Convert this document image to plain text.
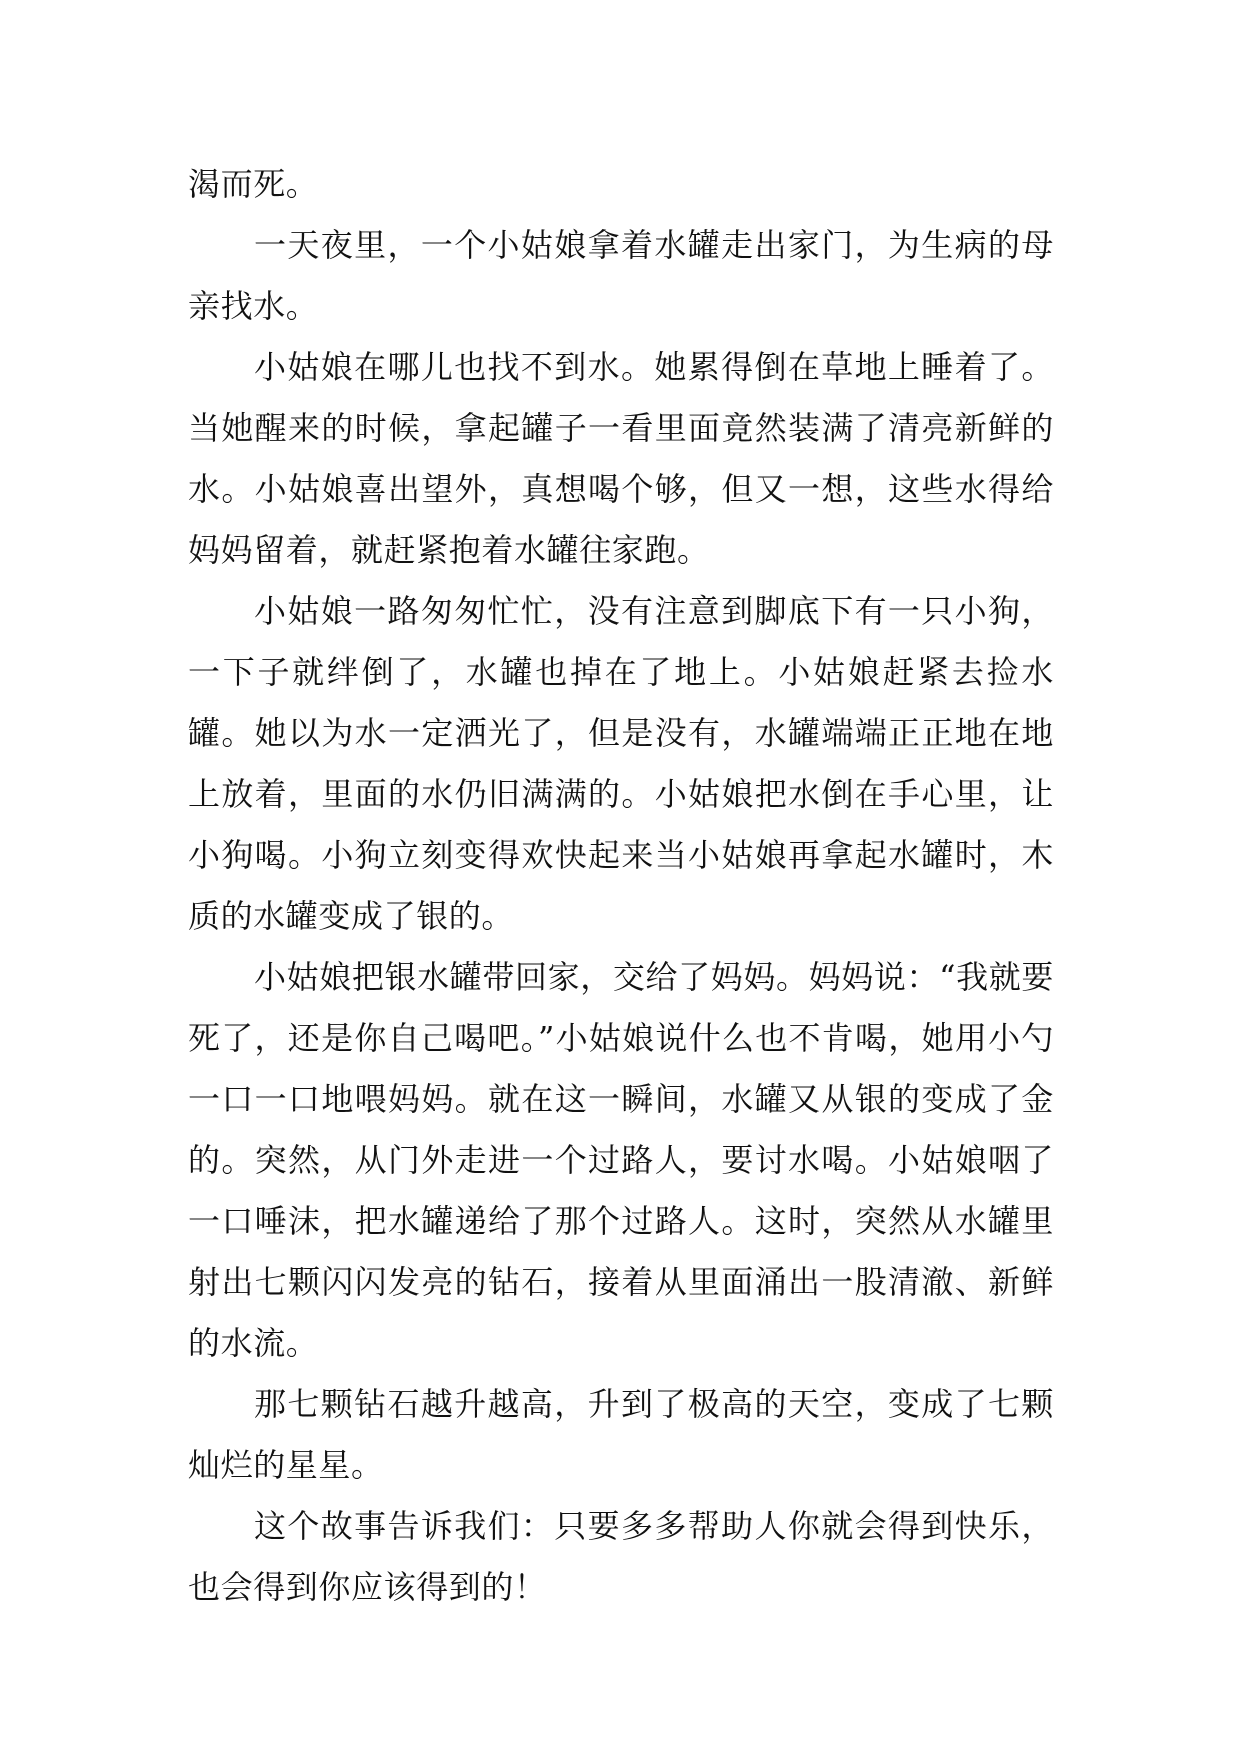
渴而死。

一天夜里，一个小姑娘拿着水罐走出家门，为生病的母亲找水。

小姑娘在哪儿也找不到水。她累得倒在草地上睡着了。当她醒来的时候，拿起罐子一看里面竟然装满了清亮新鲜的水。小姑娘喜出望外，真想喝个够，但又一想，这些水得给妈妈留着，就赶紧抱着水罐往家跑。

小姑娘一路匆匆忙忙，没有注意到脚底下有一只小狗，一下子就绊倒了，水罐也掉在了地上。小姑娘赶紧去捡水罐。她以为水一定洒光了，但是没有，水罐端端正正地在地上放着，里面的水仍旧满满的。小姑娘把水倒在手心里，让小狗喝。小狗立刻变得欢快起来当小姑娘再拿起水罐时，木质的水罐变成了银的。

小姑娘把银水罐带回家，交给了妈妈。妈妈说：“我就要死了，还是你自己喝吧。”小姑娘说什么也不肯喝，她用小勺一口一口地喂妈妈。就在这一瞬间，水罐又从银的变成了金的。突然，从门外走进一个过路人，要讨水喝。小姑娘咽了一口唾沫，把水罐递给了那个过路人。这时，突然从水罐里射出七颗闪闪发亮的钻石，接着从里面涌出一股清澈、新鲜的水流。

那七颗钻石越升越高，升到了极高的天空，变成了七颗灿烂的星星。

这个故事告诉我们：只要多多帮助人你就会得到快乐，也会得到你应该得到的！
